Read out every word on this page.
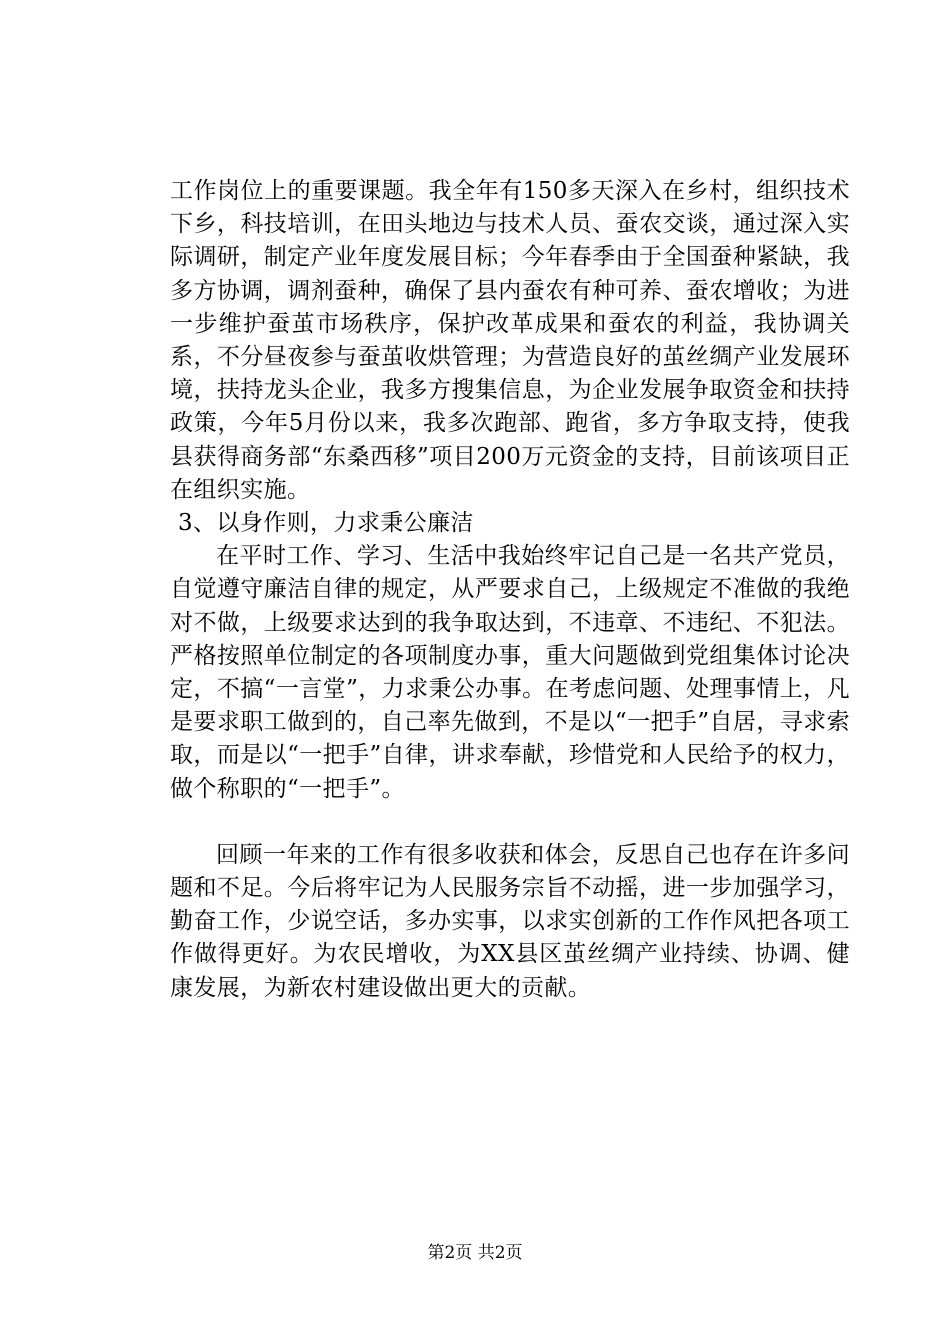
工作岗位上的重要课题。我全年有150多天深入在乡村，组织技术下乡，科技培训，在田头地边与技术人员、蚕农交谈，通过深入实际调研，制定产业年度发展目标；今年春季由于全国蚕种紧缺，我多方协调，调剂蚕种，确保了县内蚕农有种可养、蚕农增收；为进一步维护蚕茧市场秩序，保护改革成果和蚕农的利益，我协调关系，不分昼夜参与蚕茧收烘管理；为营造良好的茧丝绸产业发展环境，扶持龙头企业，我多方搜集信息，为企业发展争取资金和扶持政策，今年5月份以来，我多次跑部、跑省，多方争取支持，使我县获得商务部“东桑西移”项目200万元资金的支持，目前该项目正在组织实施。

3、以身作则，力求秉公廉洁

在平时工作、学习、生活中我始终牢记自己是一名共产党员，自觉遵守廉洁自律的规定，从严要求自己，上级规定不准做的我绝对不做，上级要求达到的我争取达到，不违章、不违纪、不犯法。严格按照单位制定的各项制度办事，重大问题做到党组集体讨论决定，不搞“一言堂”，力求秉公办事。在考虑问题、处理事情上，凡是要求职工做到的，自己率先做到，不是以“一把手”自居，寻求索取，而是以“一把手”自律，讲求奉献，珍惜党和人民给予的权力，做个称职的“一把手”。

回顾一年来的工作有很多收获和体会，反思自己也存在许多问题和不足。今后将牢记为人民服务宗旨不动摇，进一步加强学习，勤奋工作，少说空话，多办实事，以求实创新的工作作风把各项工作做得更好。为农民增收，为XX县区茧丝绸产业持续、协调、健康发展，为新农村建设做出更大的贡献。

第2页 共2页
